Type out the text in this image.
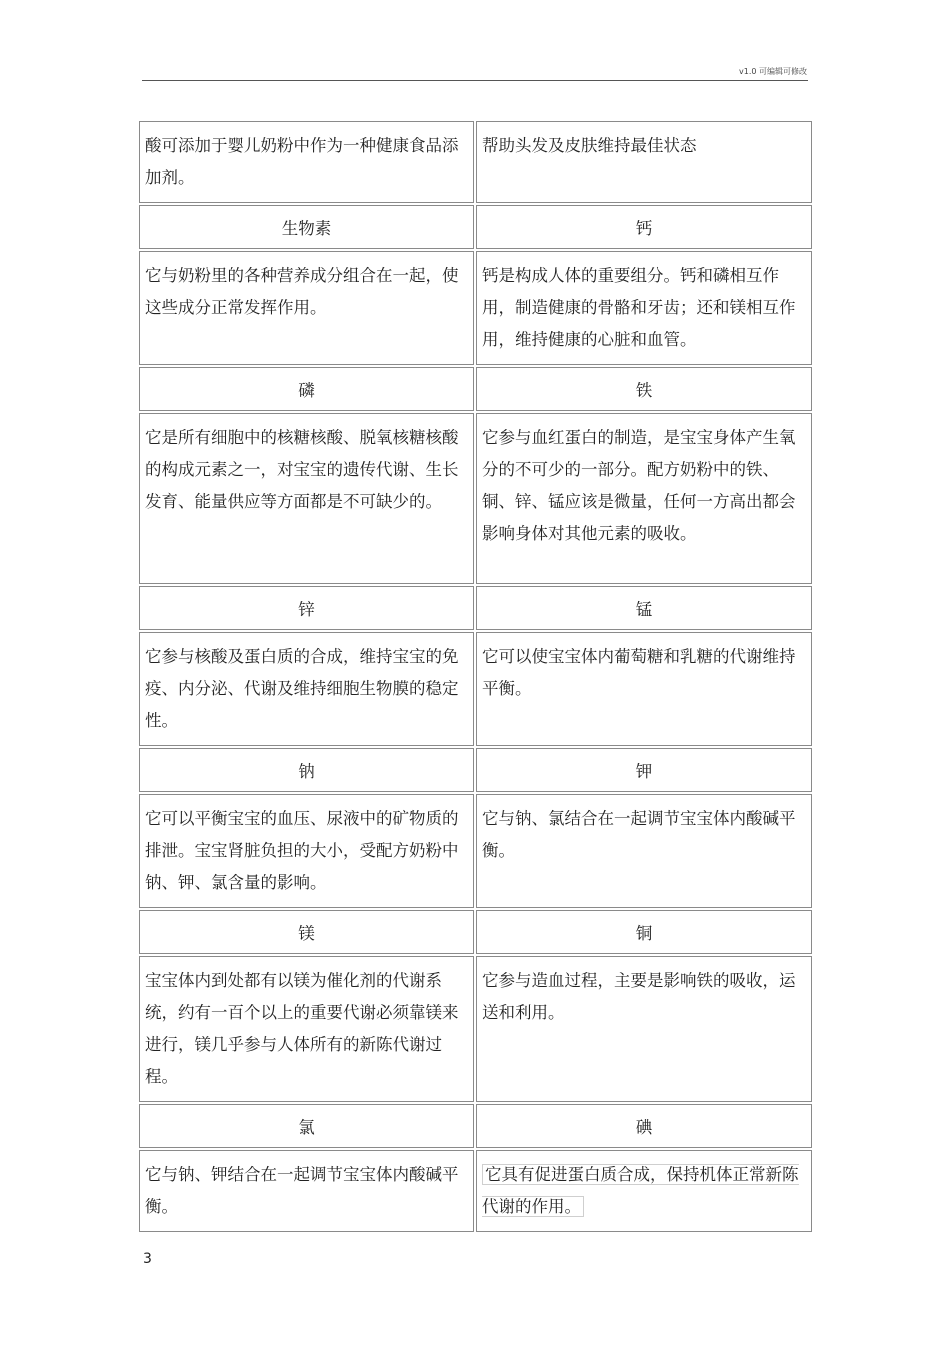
v1.0 可编辑可修改
酸可添加于婴儿奶粉中作为一种健康食品添加剂。	帮助头发及皮肤维持最佳状态
生物素	钙
它与奶粉里的各种营养成分组合在一起，使这些成分正常发挥作用。	钙是构成人体的重要组分。钙和磷相互作用，制造健康的骨骼和牙齿；还和镁相互作用，维持健康的心脏和血管。
磷	铁
它是所有细胞中的核糖核酸、脱氧核糖核酸的构成元素之一，对宝宝的遗传代谢、生长发育、能量供应等方面都是不可缺少的。	它参与血红蛋白的制造，是宝宝身体产生氧分的不可少的一部分。配方奶粉中的铁、铜、锌、锰应该是微量，任何一方高出都会影响身体对其他元素的吸收。
锌	锰
它参与核酸及蛋白质的合成，维持宝宝的免疫、内分泌、代谢及维持细胞生物膜的稳定性。	它可以使宝宝体内葡萄糖和乳糖的代谢维持平衡。
钠	钾
它可以平衡宝宝的血压、尿液中的矿物质的排泄。宝宝肾脏负担的大小，受配方奶粉中钠、钾、氯含量的影响。	它与钠、氯结合在一起调节宝宝体内酸碱平衡。
镁	铜
宝宝体内到处都有以镁为催化剂的代谢系统，约有一百个以上的重要代谢必须靠镁来进行，镁几乎参与人体所有的新陈代谢过程。	它参与造血过程，主要是影响铁的吸收，运送和利用。
氯	碘
它与钠、钾结合在一起调节宝宝体内酸碱平衡。	它具有促进蛋白质合成，保持机体正常新陈代谢的作用。
3
